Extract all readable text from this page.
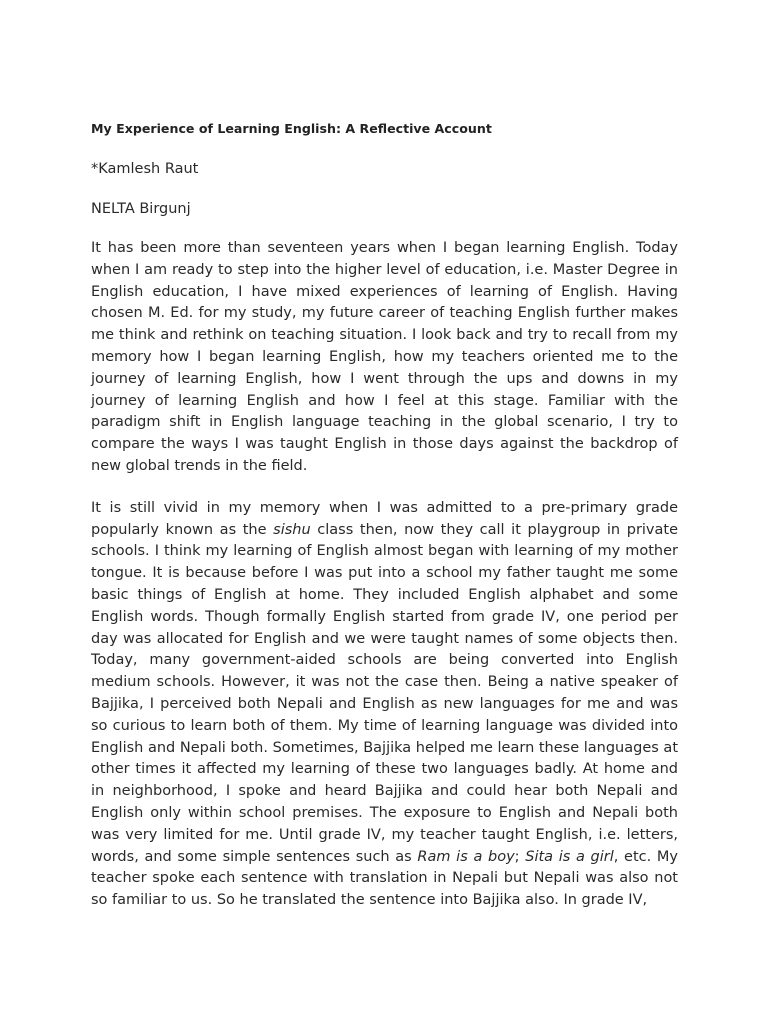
My Experience of Learning English: A Reflective Account
*Kamlesh Raut
NELTA Birgunj

It has been more than seventeen years when I began learning English. Today when I am ready to step into the higher level of education, i.e. Master Degree in English education, I have mixed experiences of learning of English. Having chosen M. Ed. for my study, my future career of teaching English further makes me think and rethink on teaching situation. I look back and try to recall from my memory how I began learning English, how my teachers oriented me to the journey of learning English, how I went through the ups and downs in my journey of learning English and how I feel at this stage. Familiar with the paradigm shift in English language teaching in the global scenario, I try to compare the ways I was taught English in those days against the backdrop of new global trends in the field.

It is still vivid in my memory when I was admitted to a pre-primary grade popularly known as the sishu class then, now they call it playgroup in private schools. I think my learning of English almost began with learning of my mother tongue. It is because before I was put into a school my father taught me some basic things of English at home. They included English alphabet and some English words. Though formally English started from grade IV, one period per day was allocated for English and we were taught names of some objects then. Today, many government-aided schools are being converted into English medium schools. However, it was not the case then. Being a native speaker of Bajjika, I perceived both Nepali and English as new languages for me and was so curious to learn both of them. My time of learning language was divided into English and Nepali both. Sometimes, Bajjika helped me learn these languages at other times it affected my learning of these two languages badly. At home and in neighborhood, I spoke and heard Bajjika and could hear both Nepali and English only within school premises. The exposure to English and Nepali both was very limited for me. Until grade IV, my teacher taught English, i.e. letters, words, and some simple sentences such as Ram is a boy; Sita is a girl, etc. My teacher spoke each sentence with translation in Nepali but Nepali was also not so familiar to us. So he translated the sentence into Bajjika also. In grade IV,
